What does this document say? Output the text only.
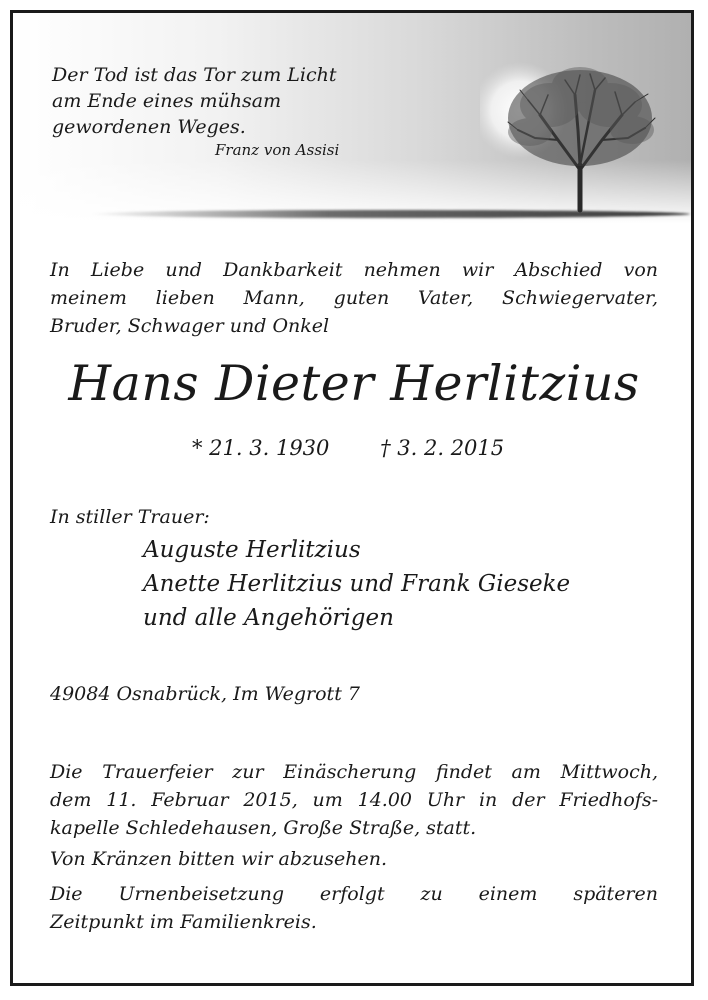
Der Tod ist das Tor zum Licht
am Ende eines mühsam
gewordenen Weges.
Franz von Assisi
In Liebe und Dankbarkeit nehmen wir Abschied von
meinem lieben Mann, guten Vater, Schwiegervater,
Bruder, Schwager und Onkel
Hans Dieter Herlitzius
* 21. 3. 1930 † 3. 2. 2015
In stiller Trauer:
Auguste Herlitzius
Anette Herlitzius und Frank Gieseke
und alle Angehörigen
49084 Osnabrück, Im Wegrott 7
Die Trauerfeier zur Einäscherung findet am Mittwoch,
dem 11. Februar 2015, um 14.00 Uhr in der Friedhofs-
kapelle Schledehausen, Große Straße, statt.
Von Kränzen bitten wir abzusehen.
Die Urnenbeisetzung erfolgt zu einem späteren
Zeitpunkt im Familienkreis.
